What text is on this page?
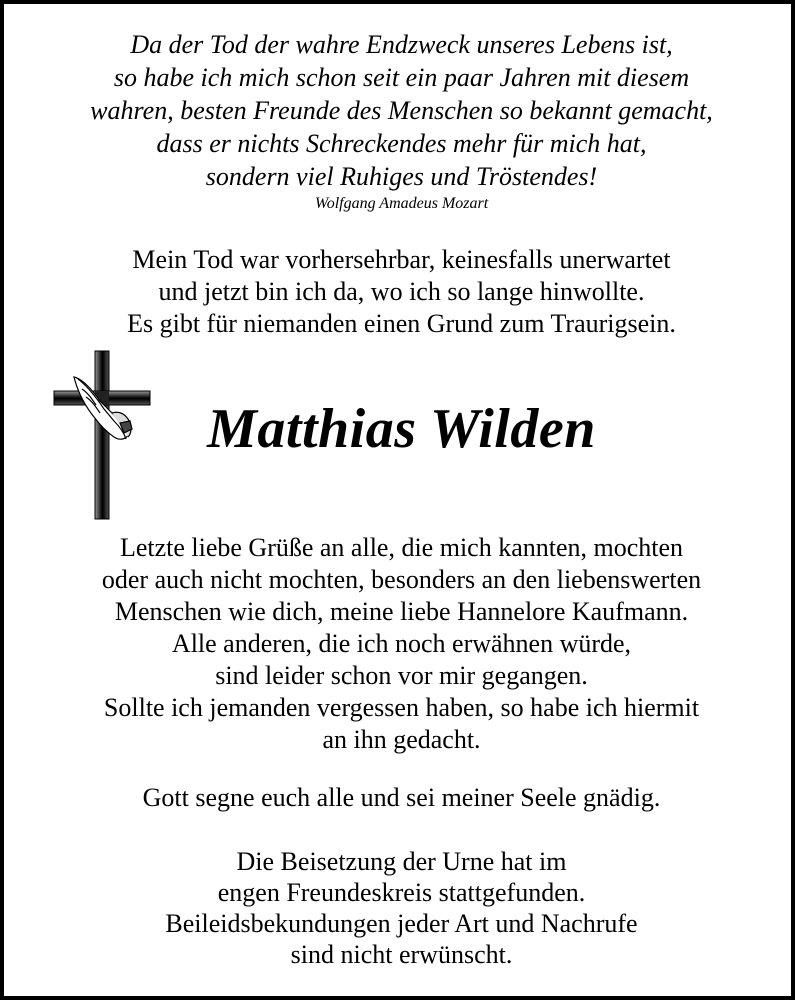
Da der Tod der wahre Endzweck unseres Lebens ist,
so habe ich mich schon seit ein paar Jahren mit diesem
wahren, besten Freunde des Menschen so bekannt gemacht,
dass er nichts Schreckendes mehr für mich hat,
sondern viel Ruhiges und Tröstendes!
Wolfgang Amadeus Mozart
Mein Tod war vorhersehrbar, keinesfalls unerwartet
und jetzt bin ich da, wo ich so lange hinwollte.
Es gibt für niemanden einen Grund zum Traurigsein.
Matthias Wilden
Letzte liebe Grüße an alle, die mich kannten, mochten
oder auch nicht mochten, besonders an den liebenswerten
Menschen wie dich, meine liebe Hannelore Kaufmann.
Alle anderen, die ich noch erwähnen würde,
sind leider schon vor mir gegangen.
Sollte ich jemanden vergessen haben, so habe ich hiermit
an ihn gedacht.
Gott segne euch alle und sei meiner Seele gnädig.
Die Beisetzung der Urne hat im
engen Freundeskreis stattgefunden.
Beileidsbekundungen jeder Art und Nachrufe
sind nicht erwünscht.
